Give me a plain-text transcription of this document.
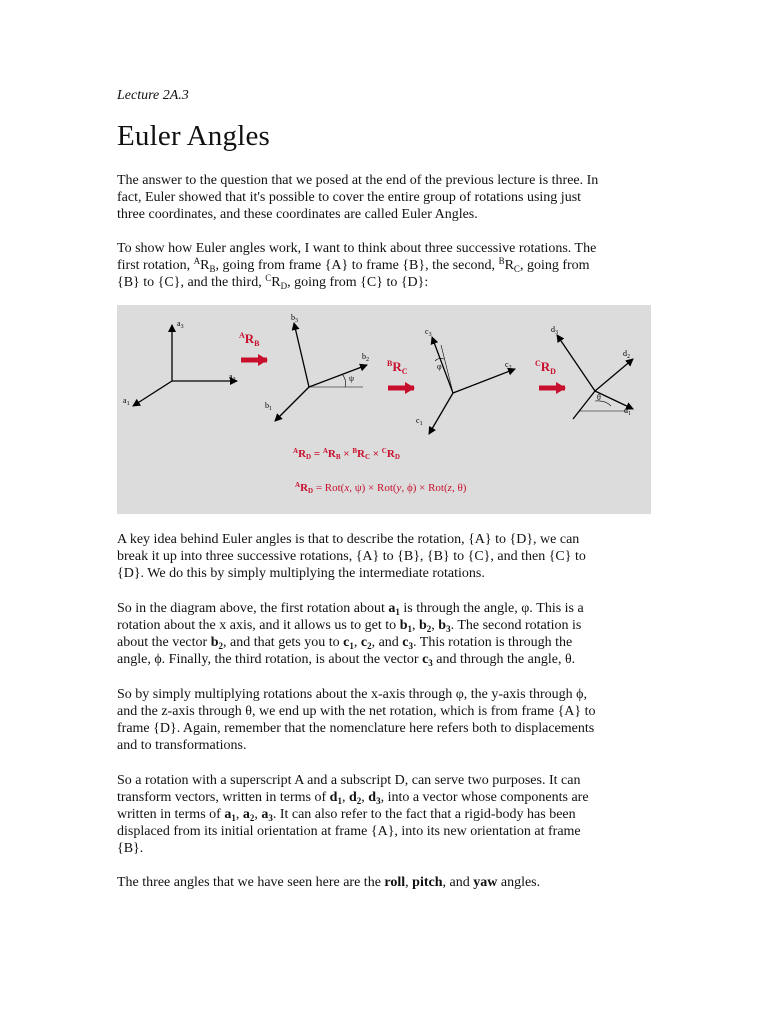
Lecture 2A.3
Euler Angles

The answer to the question that we posed at the end of the previous lecture is three. In
fact, Euler showed that it's possible to cover the entire group of rotations using just
three coordinates, and these coordinates are called Euler Angles.

To show how Euler angles work, I want to think about three successive rotations. The
first rotation, $^AR_B$, going from frame {A} to frame {B}, the second, $^BR_C$, going from
{B} to {C}, and the third, $^CR_D$, going from {C} to {D}:

$a_3$
$a_2$
$a_1$
$^AR_B$
ψ
$b_3$
$b_2$
$b_1$
$^BR_C$
φ
$c_3$
$c_2$
$c_1$
$^CR_D$
θ
$d_3$
$d_2$
$d_1$
$^A$RD = $^A$RB × $^B$RC × $^C$RD
$^A$RD = Rot(x, ψ) × Rot(y, ϕ) × Rot(z, θ)

A key idea behind Euler angles is that to describe the rotation, {A} to {D}, we can
break it up into three successive rotations, {A} to {B}, {B} to {C}, and then {C} to
{D}. We do this by simply multiplying the intermediate rotations.

So in the diagram above, the first rotation about $a_1$ is through the angle, φ. This is a
rotation about the x axis, and it allows us to get to $b_1$, $b_2$, $b_3$. The second rotation is
about the vector $b_2$, and that gets you to $c_1$, $c_2$, and $c_3$. This rotation is through the
angle, ϕ. Finally, the third rotation, is about the vector $c_3$ and through the angle, θ.

So by simply multiplying rotations about the x-axis through φ, the y-axis through ϕ,
and the z-axis through θ, we end up with the net rotation, which is from frame {A} to
frame {D}. Again, remember that the nomenclature here refers both to displacements
and to transformations.

So a rotation with a superscript A and a subscript D, can serve two purposes. It can
transform vectors, written in terms of $d_1$, $d_2$, $d_3$, into a vector whose components are
written in terms of $a_1$, $a_2$, $a_3$. It can also refer to the fact that a rigid-body has been
displaced from its initial orientation at frame {A}, into its new orientation at frame
{B}.

The three angles that we have seen here are the roll, pitch, and yaw angles.
